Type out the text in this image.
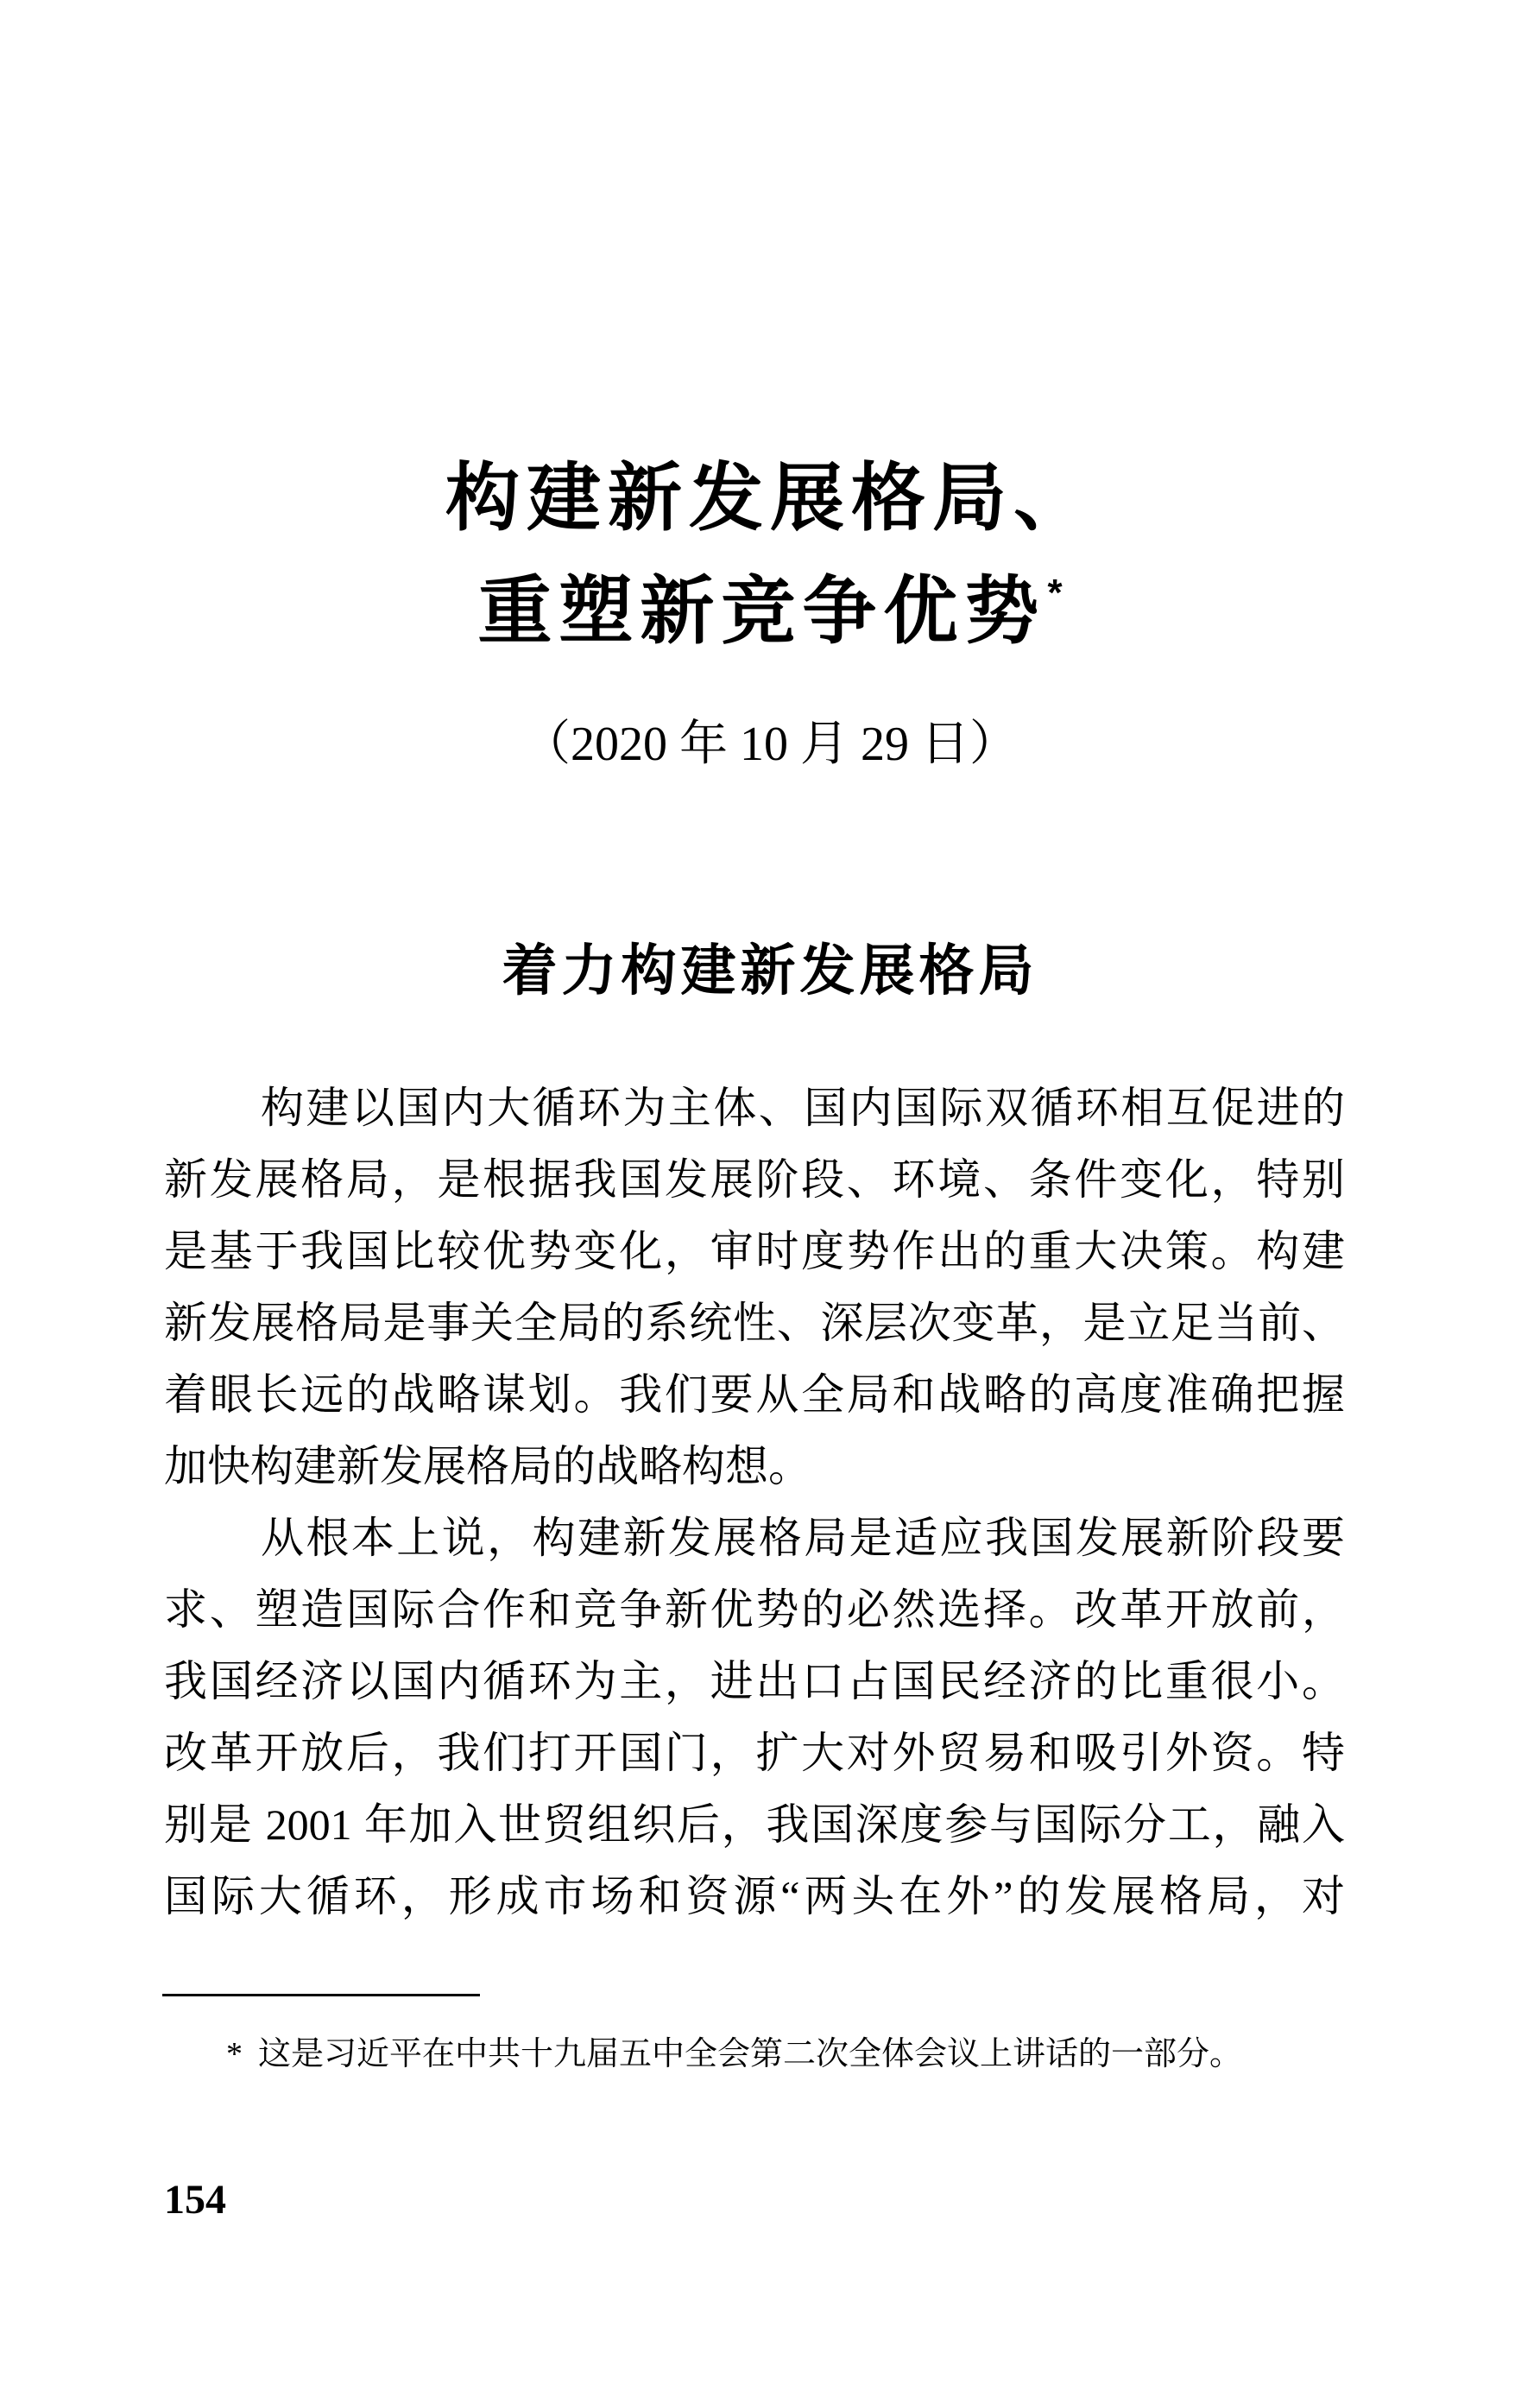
构建新发展格局、
重塑新竞争优势*
（2020 年 10 月 29 日）
着力构建新发展格局
构建以国内大循环为主体、国内国际双循环相互促进的
新发展格局，是根据我国发展阶段、环境、条件变化，特别
是基于我国比较优势变化，审时度势作出的重大决策。构建
新发展格局是事关全局的系统性、深层次变革，是立足当前、
着眼长远的战略谋划。我们要从全局和战略的高度准确把握
加快构建新发展格局的战略构想。
从根本上说，构建新发展格局是适应我国发展新阶段要
求、塑造国际合作和竞争新优势的必然选择。改革开放前，
我国经济以国内循环为主，进出口占国民经济的比重很小。
改革开放后，我们打开国门，扩大对外贸易和吸引外资。特
别是 2001 年加入世贸组织后，我国深度参与国际分工，融入
国际大循环，形成市场和资源“两头在外”的发展格局，对
* 这是习近平在中共十九届五中全会第二次全体会议上讲话的一部分。
154
